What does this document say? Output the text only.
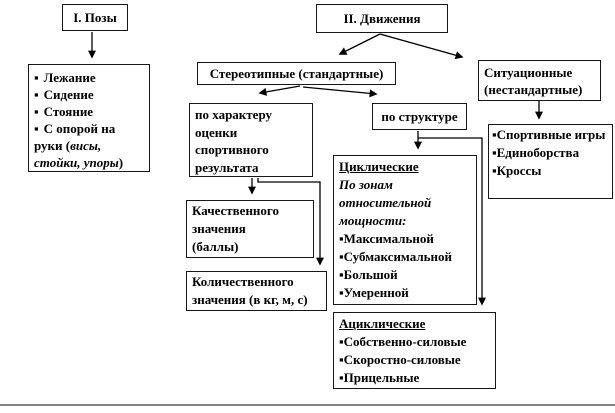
I. Позы	II. Движения
▪ Лежание
▪ Сидение
▪ Стояние
▪ С опорой на руки (висы, стойки, упоры)
Стереотипные (стандартные)	Ситуационные
(нестандартные)
по характеру
оценки
спортивного
результата
по структуре
▪Спортивные игры
▪Единоборства
▪Кроссы
Качественного
значения
(баллы)
Количественного
значения (в кг, м, с)
Циклические
По зонам относительной мощности:
▪Максимальной
▪Субмаксимальной
▪Большой
▪Умеренной
Ациклические
▪Собственно-силовые
▪Скоростно-силовые
▪Прицельные
